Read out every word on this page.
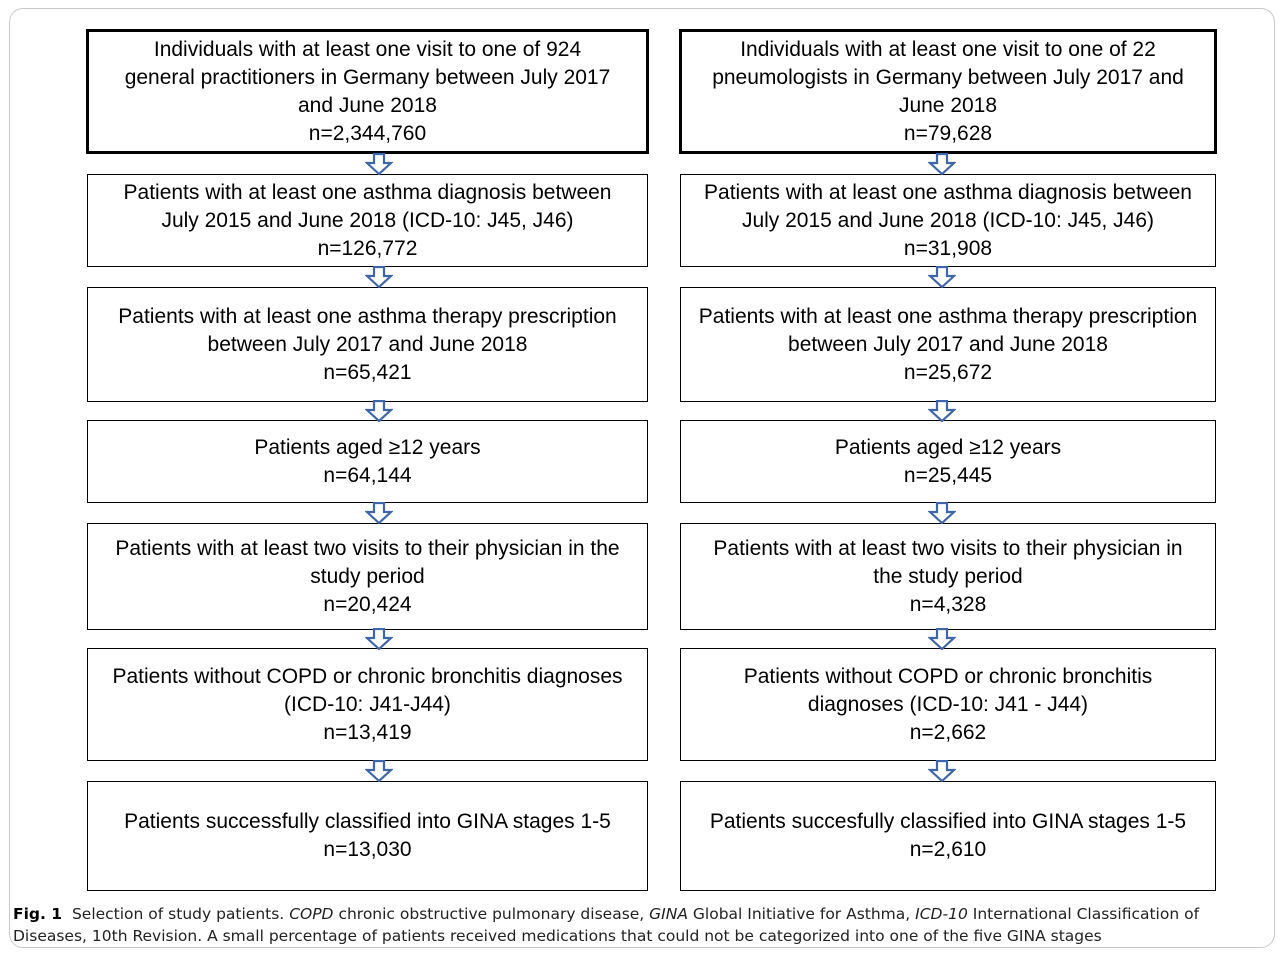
Individuals with at least one visit to one of 924
general practitioners in Germany between July 2017
and June 2018
n=2,344,760
Patients with at least one asthma diagnosis between
July 2015 and June 2018 (ICD-10: J45, J46)
n=126,772
Patients with at least one asthma therapy prescription
between July 2017 and June 2018
n=65,421
Patients aged ≥12 years
n=64,144
Patients with at least two visits to their physician in the
study period
n=20,424
Patients without COPD or chronic bronchitis diagnoses
(ICD-10: J41-J44)
n=13,419
Patients successfully classified into GINA stages 1-5
n=13,030
Individuals with at least one visit to one of 22
pneumologists in Germany between July 2017 and
June 2018
n=79,628
Patients with at least one asthma diagnosis between
July 2015 and June 2018 (ICD-10: J45, J46)
n=31,908
Patients with at least one asthma therapy prescription
between July 2017 and June 2018
n=25,672
Patients aged ≥12 years
n=25,445
Patients with at least two visits to their physician in
the study period
n=4,328
Patients without COPD or chronic bronchitis
diagnoses (ICD-10: J41 - J44)
n=2,662
Patients succesfully classified into GINA stages 1-5
n=2,610
Fig. 1 Selection of study patients. COPD chronic obstructive pulmonary disease, GINA Global Initiative for Asthma, ICD-10 International Classification of Diseases, 10th Revision. A small percentage of patients received medications that could not be categorized into one of the five GINA stages
